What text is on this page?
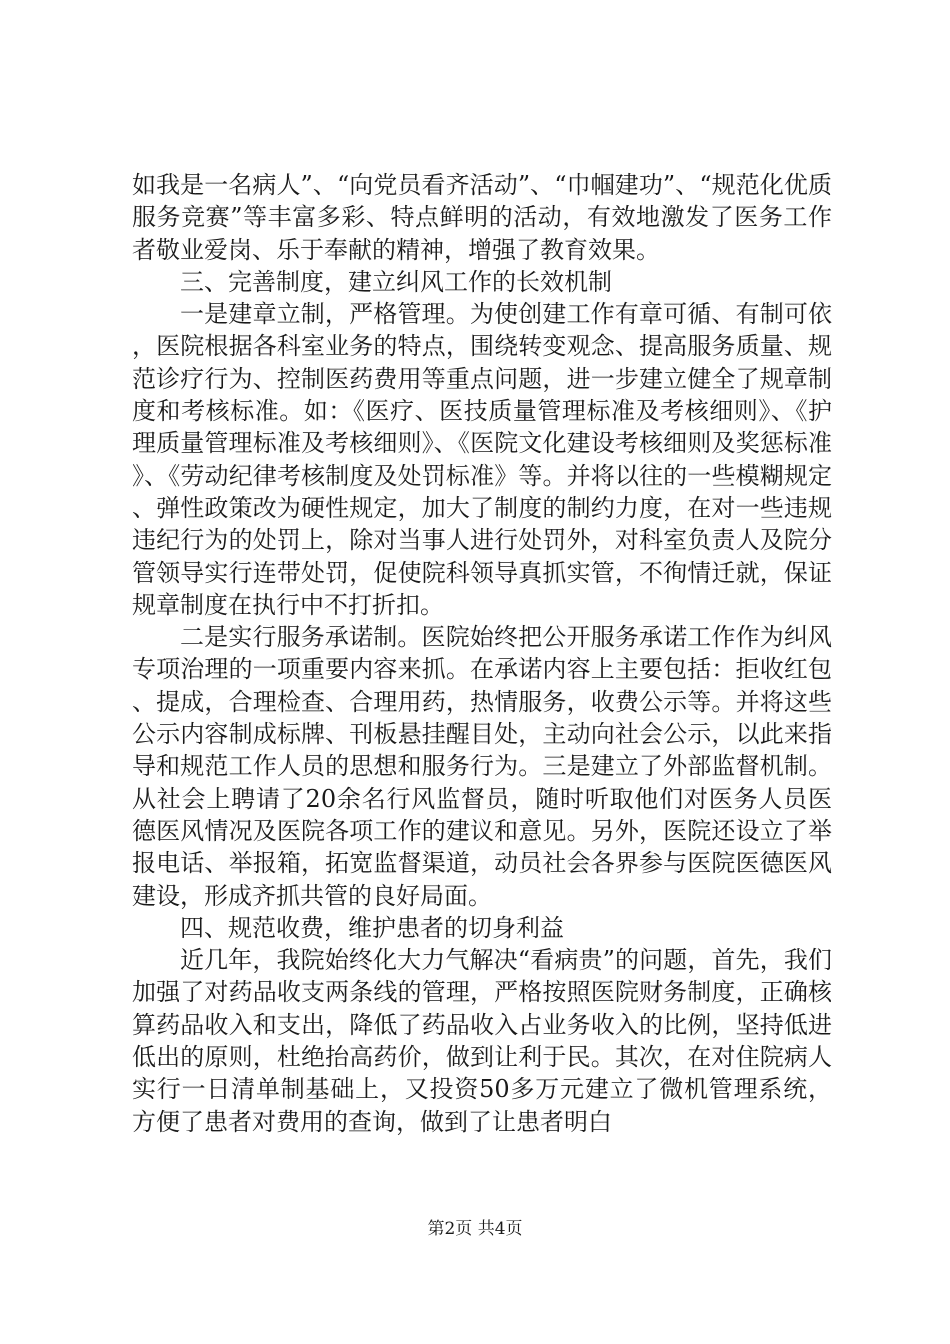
如我是一名病人”、“向党员看齐活动”、“巾帼建功”、“规范化优质服务竞赛”等丰富多彩、特点鲜明的活动，有效地激发了医务工作者敬业爱岗、乐于奉献的精神，增强了教育效果。

三、完善制度，建立纠风工作的长效机制

一是建章立制，严格管理。为使创建工作有章可循、有制可依，医院根据各科室业务的特点，围绕转变观念、提高服务质量、规范诊疗行为、控制医药费用等重点问题，进一步建立健全了规章制度和考核标准。如：《医疗、医技质量管理标准及考核细则》、《护理质量管理标准及考核细则》、《医院文化建设考核细则及奖惩标准》、《劳动纪律考核制度及处罚标准》等。并将以往的一些模糊规定、弹性政策改为硬性规定，加大了制度的制约力度，在对一些违规违纪行为的处罚上，除对当事人进行处罚外，对科室负责人及院分管领导实行连带处罚，促使院科领导真抓实管，不徇情迁就，保证规章制度在执行中不打折扣。

二是实行服务承诺制。医院始终把公开服务承诺工作作为纠风专项治理的一项重要内容来抓。在承诺内容上主要包括：拒收红包、提成，合理检查、合理用药，热情服务，收费公示等。并将这些公示内容制成标牌、刊板悬挂醒目处，主动向社会公示，以此来指导和规范工作人员的思想和服务行为。三是建立了外部监督机制。从社会上聘请了20余名行风监督员，随时听取他们对医务人员医德医风情况及医院各项工作的建议和意见。另外，医院还设立了举报电话、举报箱，拓宽监督渠道，动员社会各界参与医院医德医风建设，形成齐抓共管的良好局面。

四、规范收费，维护患者的切身利益

近几年，我院始终化大力气解决“看病贵”的问题，首先，我们加强了对药品收支两条线的管理，严格按照医院财务制度，正确核算药品收入和支出，降低了药品收入占业务收入的比例，坚持低进低出的原则，杜绝抬高药价，做到让利于民。其次，在对住院病人实行一日清单制基础上，又投资50多万元建立了微机管理系统，方便了患者对费用的查询，做到了让患者明白

第2页 共4页
